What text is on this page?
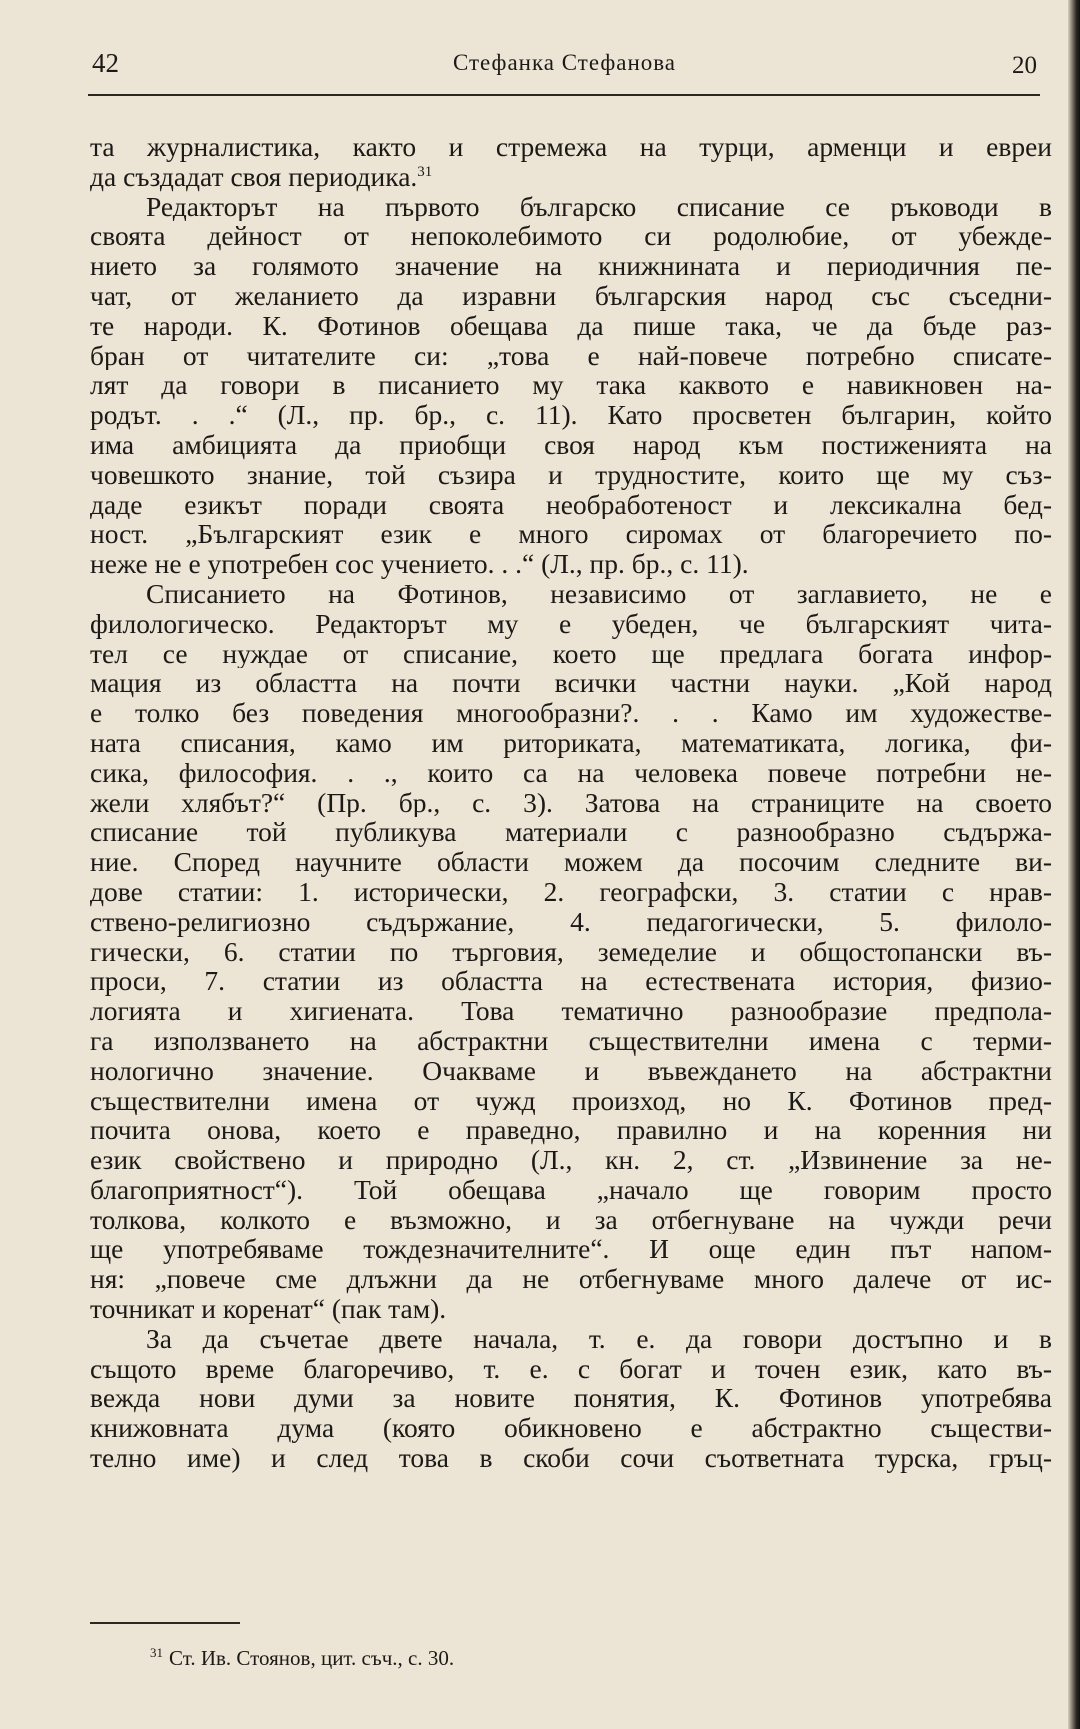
42	Стефанка Стефанова	20
та журналистика, както и стремежа на турци, арменци и евреи
да създадат своя периодика.$^{31}$
Редакторът на първото българско списание се ръководи в
своята дейност от непоколебимото си родолюбие, от убежде-
нието за голямото значение на книжнината и периодичния пе-
чат, от желанието да изравни българския народ със съседни-
те народи. К. Фотинов обещава да пише така, че да бъде раз-
бран от читателите си: „това е най-повече потребно списате-
лят да говори в писанието му така каквото е навикновен на-
родът. . .“ (Л., пр. бр., с. 11). Като просветен българин, който
има амбицията да приобщи своя народ към постиженията на
човешкото знание, той съзира и трудностите, които ще му съз-
даде езикът поради своята необработеност и лексикална бед-
ност. „Българският език е много сиромах от благоречието по-
неже не е употребен сос учението. . .“ (Л., пр. бр., с. 11).
Списанието на Фотинов, независимо от заглавието, не е
филологическо. Редакторът му е убеден, че българският чита-
тел се нуждае от списание, което ще предлага богата инфор-
мация из областта на почти всички частни науки. „Кой народ
е толко без поведения многообразни?. . . Камо им художестве-
ната списания, камо им риториката, математиката, логика, фи-
сика, философия. . ., които са на человека повече потребни не-
жели хлябът?“ (Пр. бр., с. 3). Затова на страниците на своето
списание той публикува материали с разнообразно съдържа-
ние. Според научните области можем да посочим следните ви-
дове статии: 1. исторически, 2. географски, 3. статии с нрав-
ствено-религиозно съдържание, 4. педагогически, 5. филоло-
гически, 6. статии по търговия, земеделие и общостопански въ-
проси, 7. статии из областта на естествената история, физио-
логията и хигиената. Това тематично разнообразие предпола-
га използването на абстрактни съществителни имена с терми-
нологично значение. Очакваме и въвеждането на абстрактни
съществителни имена от чужд произход, но К. Фотинов пред-
почита онова, което е праведно, правилно и на коренния ни
език свойствено и природно (Л., кн. 2, ст. „Извинение за не-
благоприятност“). Той обещава „начало ще говорим просто
толкова, колкото е възможно, и за отбегнуване на чужди речи
ще употребяваме тождезначителните“. И още един път напом-
ня: „повече сме длъжни да не отбегнуваме много далече от ис-
точникат и коренат“ (пак там).
За да съчетае двете начала, т. е. да говори достъпно и в
същото време благоречиво, т. е. с богат и точен език, като въ-
вежда нови думи за новите понятия, К. Фотинов употребява
книжовната дума (която обикновено е абстрактно съществи-
телно име) и след това в скоби сочи съответната турска, гръц-
$^{31}$ Ст. Ив. Стоянов, цит. съч., с. 30.
